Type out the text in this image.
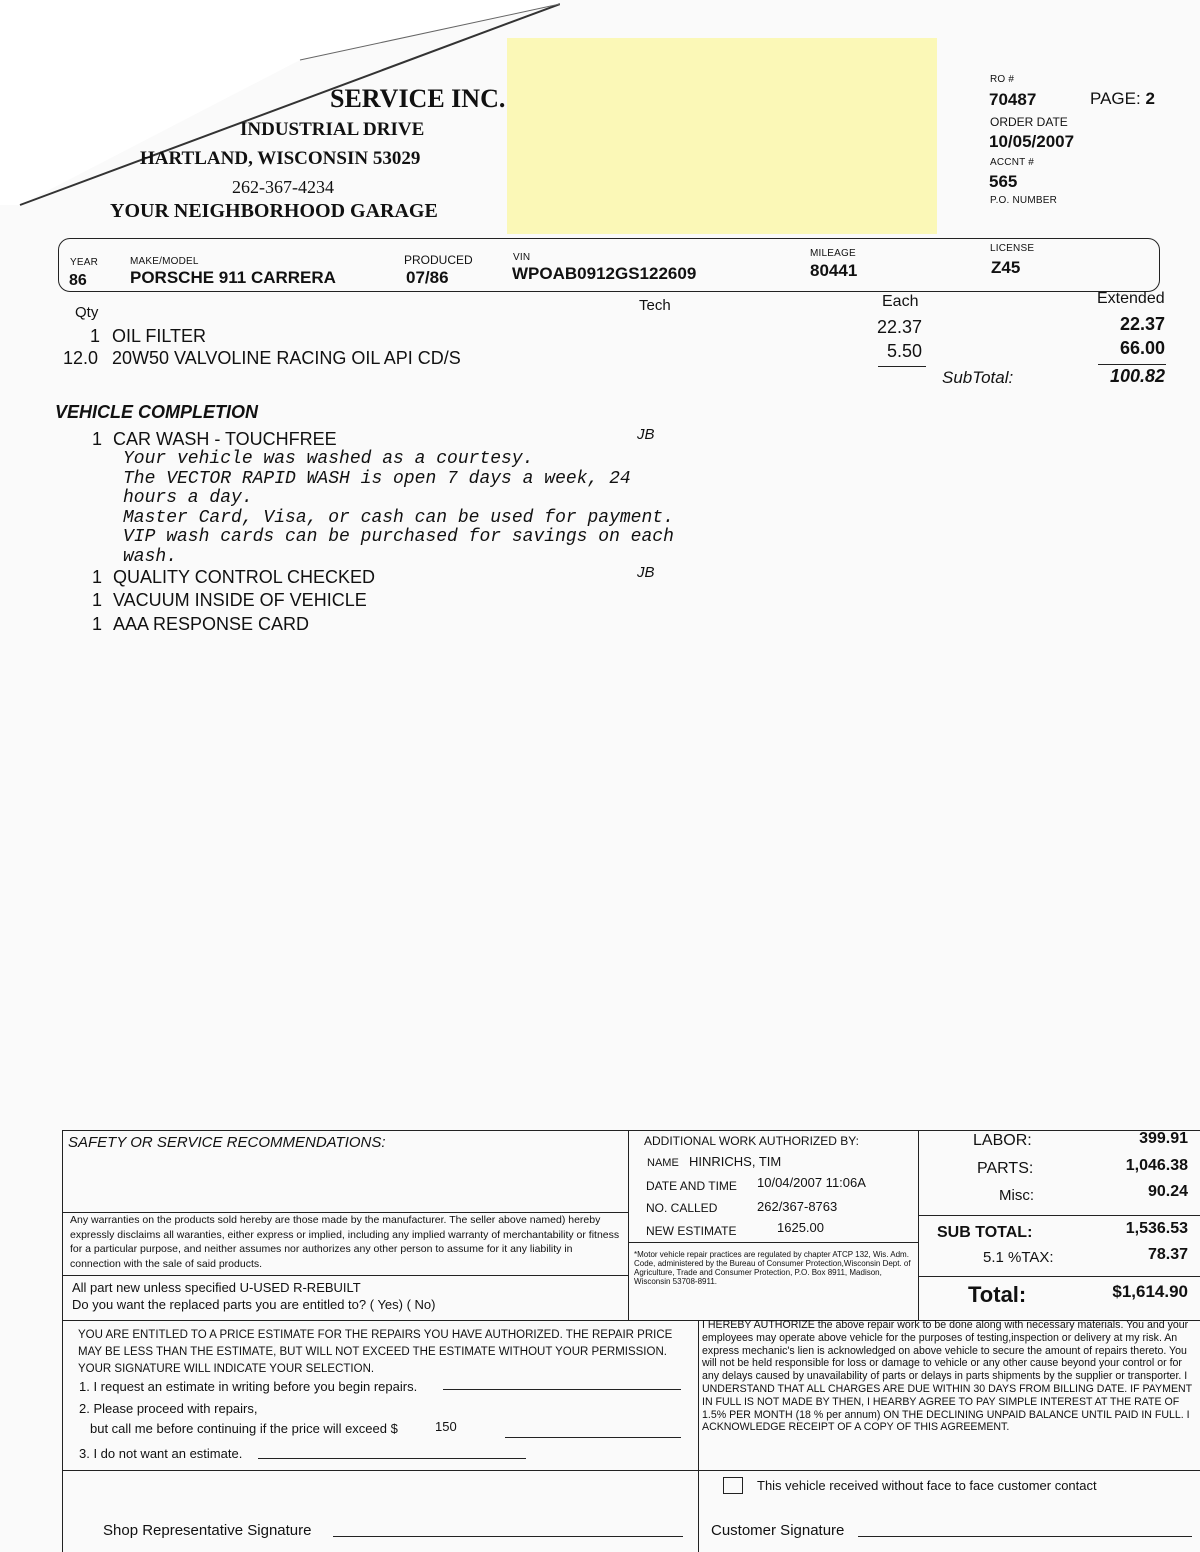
SERVICE INC.
INDUSTRIAL DRIVE
HARTLAND, WISCONSIN 53029
262-367-4234
YOUR NEIGHBORHOOD GARAGE
RO #
70487	PAGE: 2
ORDER DATE
10/05/2007
ACCNT #
565
P.O. NUMBER
YEAR
86
MAKE/MODEL
PORSCHE 911 CARRERA
PRODUCED
07/86
VIN
WPOAB0912GS122609
MILEAGE
80441
LICENSE
Z45
Qty	Tech	Each	Extended
1 OIL FILTER	22.37	22.37
12.0 20W50 VALVOLINE RACING OIL API CD/S	5.50	66.00
SubTotal:	100.82
VEHICLE COMPLETION
1 CAR WASH - TOUCHFREE	JB
Your vehicle was washed as a courtesy.
The VECTOR RAPID WASH is open 7 days a week, 24
hours a day.
Master Card, Visa, or cash can be used for payment.
VIP wash cards can be purchased for savings on each
wash.
1 QUALITY CONTROL CHECKED	JB
1 VACUUM INSIDE OF VEHICLE
1 AAA RESPONSE CARD
SAFETY OR SERVICE RECOMMENDATIONS:
Any warranties on the products sold hereby are those made by the manufacturer. The seller above named) hereby expressly disclaims all waranties, either express or implied, including any implied warranty of merchantability or fitness for a particular purpose, and neither assumes nor authorizes any other person to assume for it any liability in connection with the sale of said products.
All part new unless specified U-USED R-REBUILT
Do you want the replaced parts you are entitled to? ( Yes) ( No)
ADDITIONAL WORK AUTHORIZED BY:
NAME HINRICHS, TIM
DATE AND TIME 10/04/2007 11:06A
NO. CALLED	262/367-8763
NEW ESTIMATE	1625.00
*Motor vehicle repair practices are regulated by chapter ATCP 132, Wis. Adm. Code, administered by the Bureau of Consumer Protection,Wisconsin Dept. of Agriculture, Trade and Consumer Protection, P.O. Box 8911, Madison, Wisconsin 53708-8911.
LABOR:	399.91
PARTS:	1,046.38
Misc:	90.24
SUB TOTAL:	1,536.53
5.1 %TAX:	78.37
Total:	$1,614.90
YOU ARE ENTITLED TO A PRICE ESTIMATE FOR THE REPAIRS YOU HAVE AUTHORIZED. THE REPAIR PRICE
MAY BE LESS THAN THE ESTIMATE, BUT WILL NOT EXCEED THE ESTIMATE WITHOUT YOUR PERMISSION.
YOUR SIGNATURE WILL INDICATE YOUR SELECTION.
1. I request an estimate in writing before you begin repairs.
2. Please proceed with repairs,
but call me before continuing if the price will exceed $	150
3. I do not want an estimate.
I HEREBY AUTHORIZE the above repair work to be done along with necessary materials. You and your employees may operate above vehicle for the purposes of testing,inspection or delivery at my risk. An express mechanic's lien is acknowledged on above vehicle to secure the amount of repairs thereto. You will not be held responsible for loss or damage to vehicle or any other cause beyond your control or for any delays caused by unavailability of parts or delays in parts shipments by the supplier or transporter. I UNDERSTAND THAT ALL CHARGES ARE DUE WITHIN 30 DAYS FROM BILLING DATE. IF PAYMENT IN FULL IS NOT MADE BY THEN, I HEARBY AGREE TO PAY SIMPLE INTEREST AT THE RATE OF 1.5% PER MONTH (18 % per annum) ON THE DECLINING UNPAID BALANCE UNTIL PAID IN FULL. I ACKNOWLEDGE RECEIPT OF A COPY OF THIS AGREEMENT.
This vehicle received without face to face customer contact
Shop Representative Signature	Customer Signature
